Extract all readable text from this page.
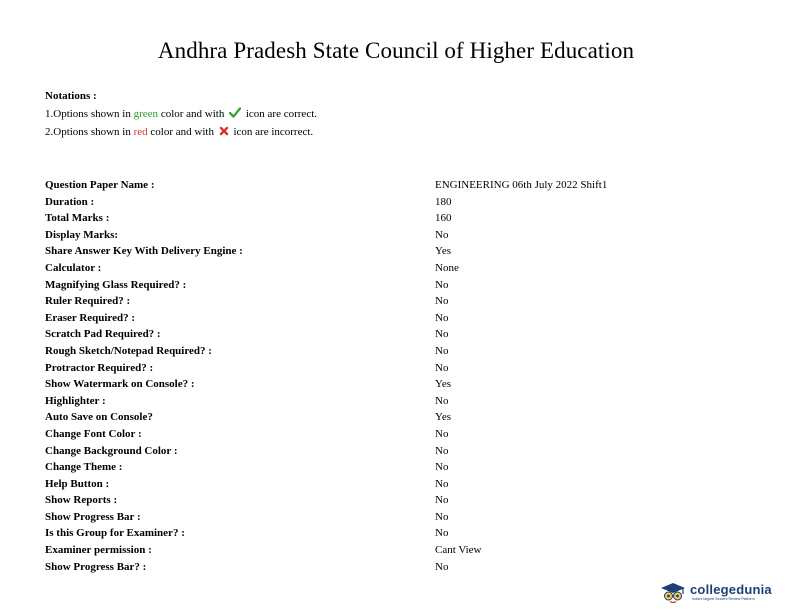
Andhra Pradesh State Council of Higher Education
Notations :
1.Options shown in green color and with  icon are correct.
2.Options shown in red color and with  icon are incorrect.
Question Paper Name :	ENGINEERING 06th July 2022 Shift1
Duration :	180
Total Marks :	160
Display Marks:	No
Share Answer Key With Delivery Engine :	Yes
Calculator :	None
Magnifying Glass Required? :	No
Ruler Required? :	No
Eraser Required? :	No
Scratch Pad Required? :	No
Rough Sketch/Notepad Required? :	No
Protractor Required? :	No
Show Watermark on Console? :	Yes
Highlighter :	No
Auto Save on Console?	Yes
Change Font Color :	No
Change Background Color :	No
Change Theme :	No
Help Button :	No
Show Reports :	No
Show Progress Bar :	No
Is this Group for Examiner? :	No
Examiner permission :	Cant View
Show Progress Bar? :	No
collegedunia
India's largest Student Review Platform
